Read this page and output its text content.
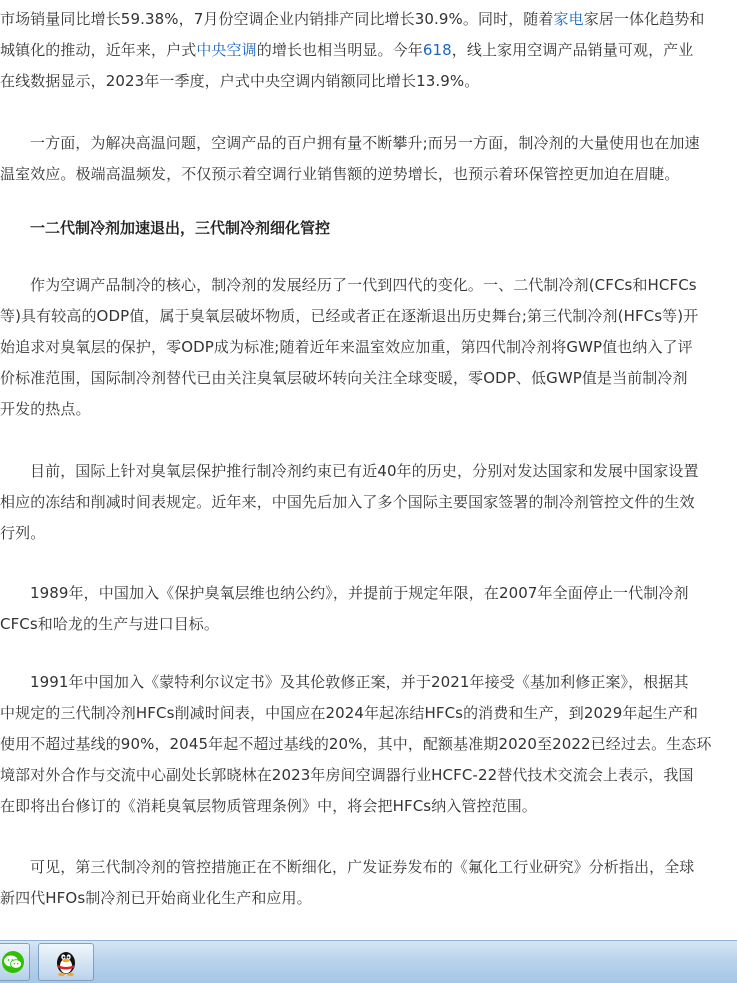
市场销量同比增长59.38%，7月份空调企业内销排产同比增长30.9%。同时，随着家电家居一体化趋势和
城镇化的推动，近年来，户式中央空调的增长也相当明显。今年618，线上家用空调产品销量可观，产业
在线数据显示，2023年一季度，户式中央空调内销额同比增长13.9%。
一方面，为解决高温问题，空调产品的百户拥有量不断攀升;而另一方面，制冷剂的大量使用也在加速
温室效应。极端高温频发，不仅预示着空调行业销售额的逆势增长，也预示着环保管控更加迫在眉睫。
一二代制冷剂加速退出，三代制冷剂细化管控
作为空调产品制冷的核心，制冷剂的发展经历了一代到四代的变化。一、二代制冷剂(CFCs和HCFCs
等)具有较高的ODP值，属于臭氧层破坏物质，已经或者正在逐渐退出历史舞台;第三代制冷剂(HFCs等)开
始追求对臭氧层的保护，零ODP成为标准;随着近年来温室效应加重，第四代制冷剂将GWP值也纳入了评
价标准范围，国际制冷剂替代已由关注臭氧层破坏转向关注全球变暖，零ODP、低GWP值是当前制冷剂
开发的热点。
目前，国际上针对臭氧层保护推行制冷剂约束已有近40年的历史，分别对发达国家和发展中国家设置
相应的冻结和削减时间表规定。近年来，中国先后加入了多个国际主要国家签署的制冷剂管控文件的生效
行列。
1989年，中国加入《保护臭氧层维也纳公约》，并提前于规定年限，在2007年全面停止一代制冷剂
CFCs和哈龙的生产与进口目标。
1991年中国加入《蒙特利尔议定书》及其伦敦修正案，并于2021年接受《基加利修正案》，根据其
中规定的三代制冷剂HFCs削减时间表，中国应在2024年起冻结HFCs的消费和生产，到2029年起生产和
使用不超过基线的90%，2045年起不超过基线的20%，其中，配额基准期2020至2022已经过去。生态环
境部对外合作与交流中心副处长郭晓林在2023年房间空调器行业HCFC-22替代技术交流会上表示，我国
在即将出台修订的《消耗臭氧层物质管理条例》中，将会把HFCs纳入管控范围。
可见，第三代制冷剂的管控措施正在不断细化，广发证券发布的《氟化工行业研究》分析指出，全球
新四代HFOs制冷剂已开始商业化生产和应用。
